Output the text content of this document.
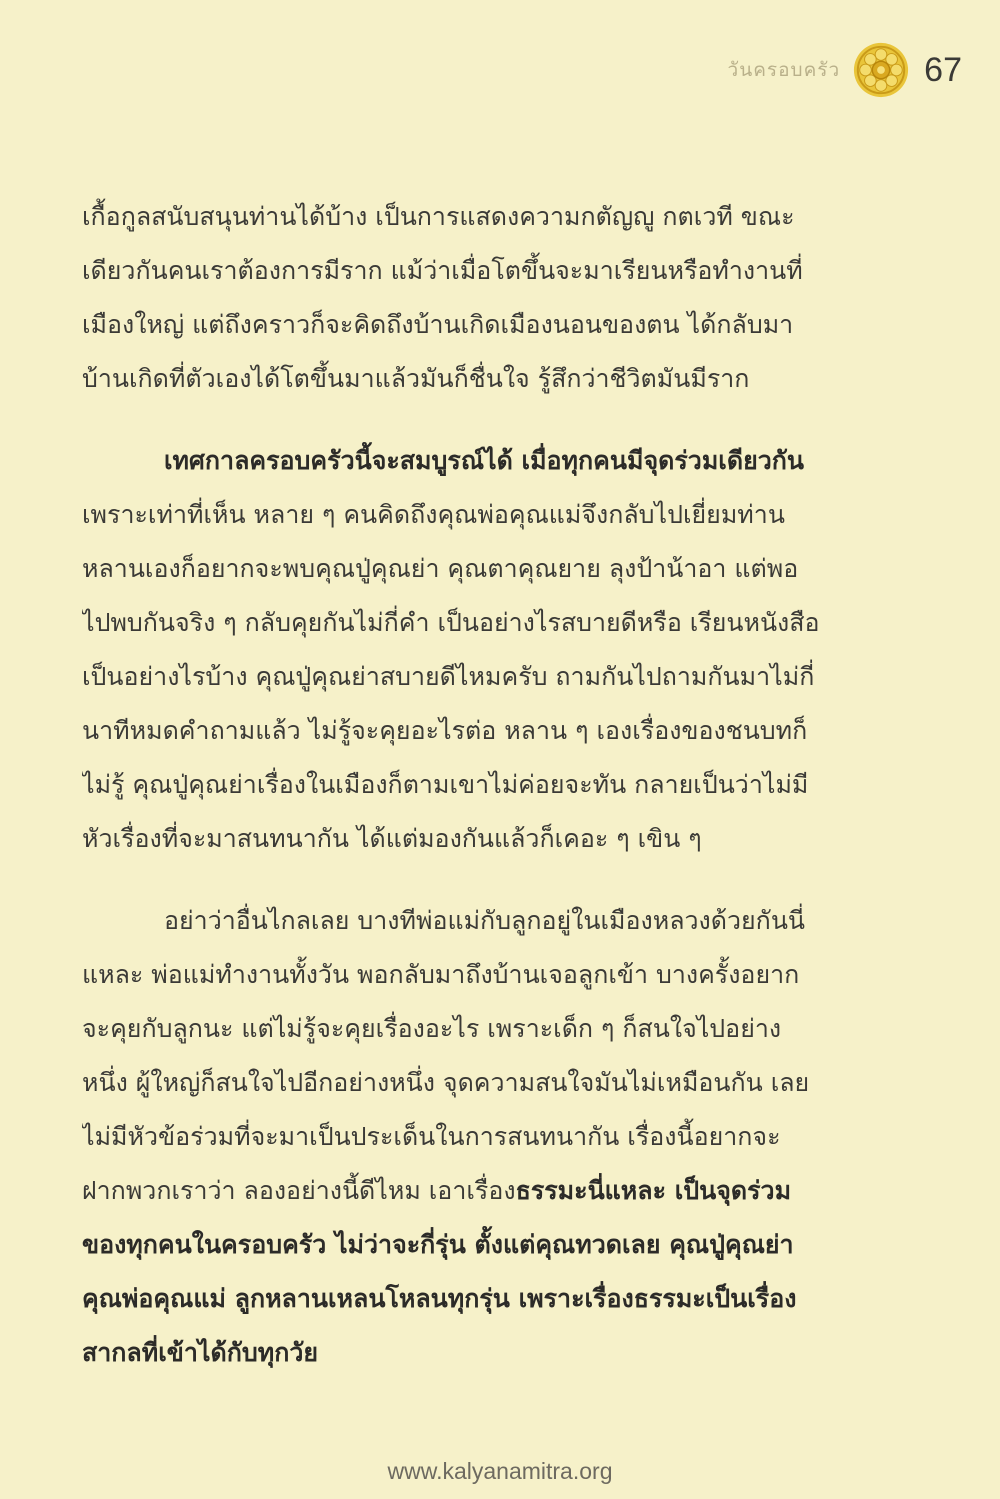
วันครอบครัว 67
เกื้อกูลสนับสนุนท่านได้บ้าง เป็นการแสดงความกตัญญู กตเวที ขณะ
เดียวกันคนเราต้องการมีราก แม้ว่าเมื่อโตขึ้นจะมาเรียนหรือทำงานที่
เมืองใหญ่ แต่ถึงคราวก็จะคิดถึงบ้านเกิดเมืองนอนของตน ได้กลับมา
บ้านเกิดที่ตัวเองได้โตขึ้นมาแล้วมันก็ชื่นใจ รู้สึกว่าชีวิตมันมีราก
เทศกาลครอบครัวนี้จะสมบูรณ์ได้ เมื่อทุกคนมีจุดร่วมเดียวกัน
เพราะเท่าที่เห็น หลาย ๆ คนคิดถึงคุณพ่อคุณแม่จึงกลับไปเยี่ยมท่าน
หลานเองก็อยากจะพบคุณปู่คุณย่า คุณตาคุณยาย ลุงป้าน้าอา แต่พอ
ไปพบกันจริง ๆ กลับคุยกันไม่กี่คำ เป็นอย่างไรสบายดีหรือ เรียนหนังสือ
เป็นอย่างไรบ้าง คุณปู่คุณย่าสบายดีไหมครับ ถามกันไปถามกันมาไม่กี่
นาทีหมดคำถามแล้ว ไม่รู้จะคุยอะไรต่อ หลาน ๆ เองเรื่องของชนบทก็
ไม่รู้ คุณปู่คุณย่าเรื่องในเมืองก็ตามเขาไม่ค่อยจะทัน กลายเป็นว่าไม่มี
หัวเรื่องที่จะมาสนทนากัน ได้แต่มองกันแล้วก็เคอะ ๆ เขิน ๆ
อย่าว่าอื่นไกลเลย บางทีพ่อแม่กับลูกอยู่ในเมืองหลวงด้วยกันนี่
แหละ พ่อแม่ทำงานทั้งวัน พอกลับมาถึงบ้านเจอลูกเข้า บางครั้งอยาก
จะคุยกับลูกนะ แต่ไม่รู้จะคุยเรื่องอะไร เพราะเด็ก ๆ ก็สนใจไปอย่าง
หนึ่ง ผู้ใหญ่ก็สนใจไปอีกอย่างหนึ่ง จุดความสนใจมันไม่เหมือนกัน เลย
ไม่มีหัวข้อร่วมที่จะมาเป็นประเด็นในการสนทนากัน เรื่องนี้อยากจะ
ฝากพวกเราว่า ลองอย่างนี้ดีไหม เอาเรื่อง ธรรมะนี่แหละ เป็นจุดร่วม
ของทุกคนในครอบครัว ไม่ว่าจะกี่รุ่น ตั้งแต่คุณทวดเลย คุณปู่คุณย่า
คุณพ่อคุณแม่ ลูกหลานเหลนโหลนทุกรุ่น เพราะเรื่องธรรมะเป็นเรื่อง
สากลที่เข้าได้กับทุกวัย
www.kalyanamitra.org
